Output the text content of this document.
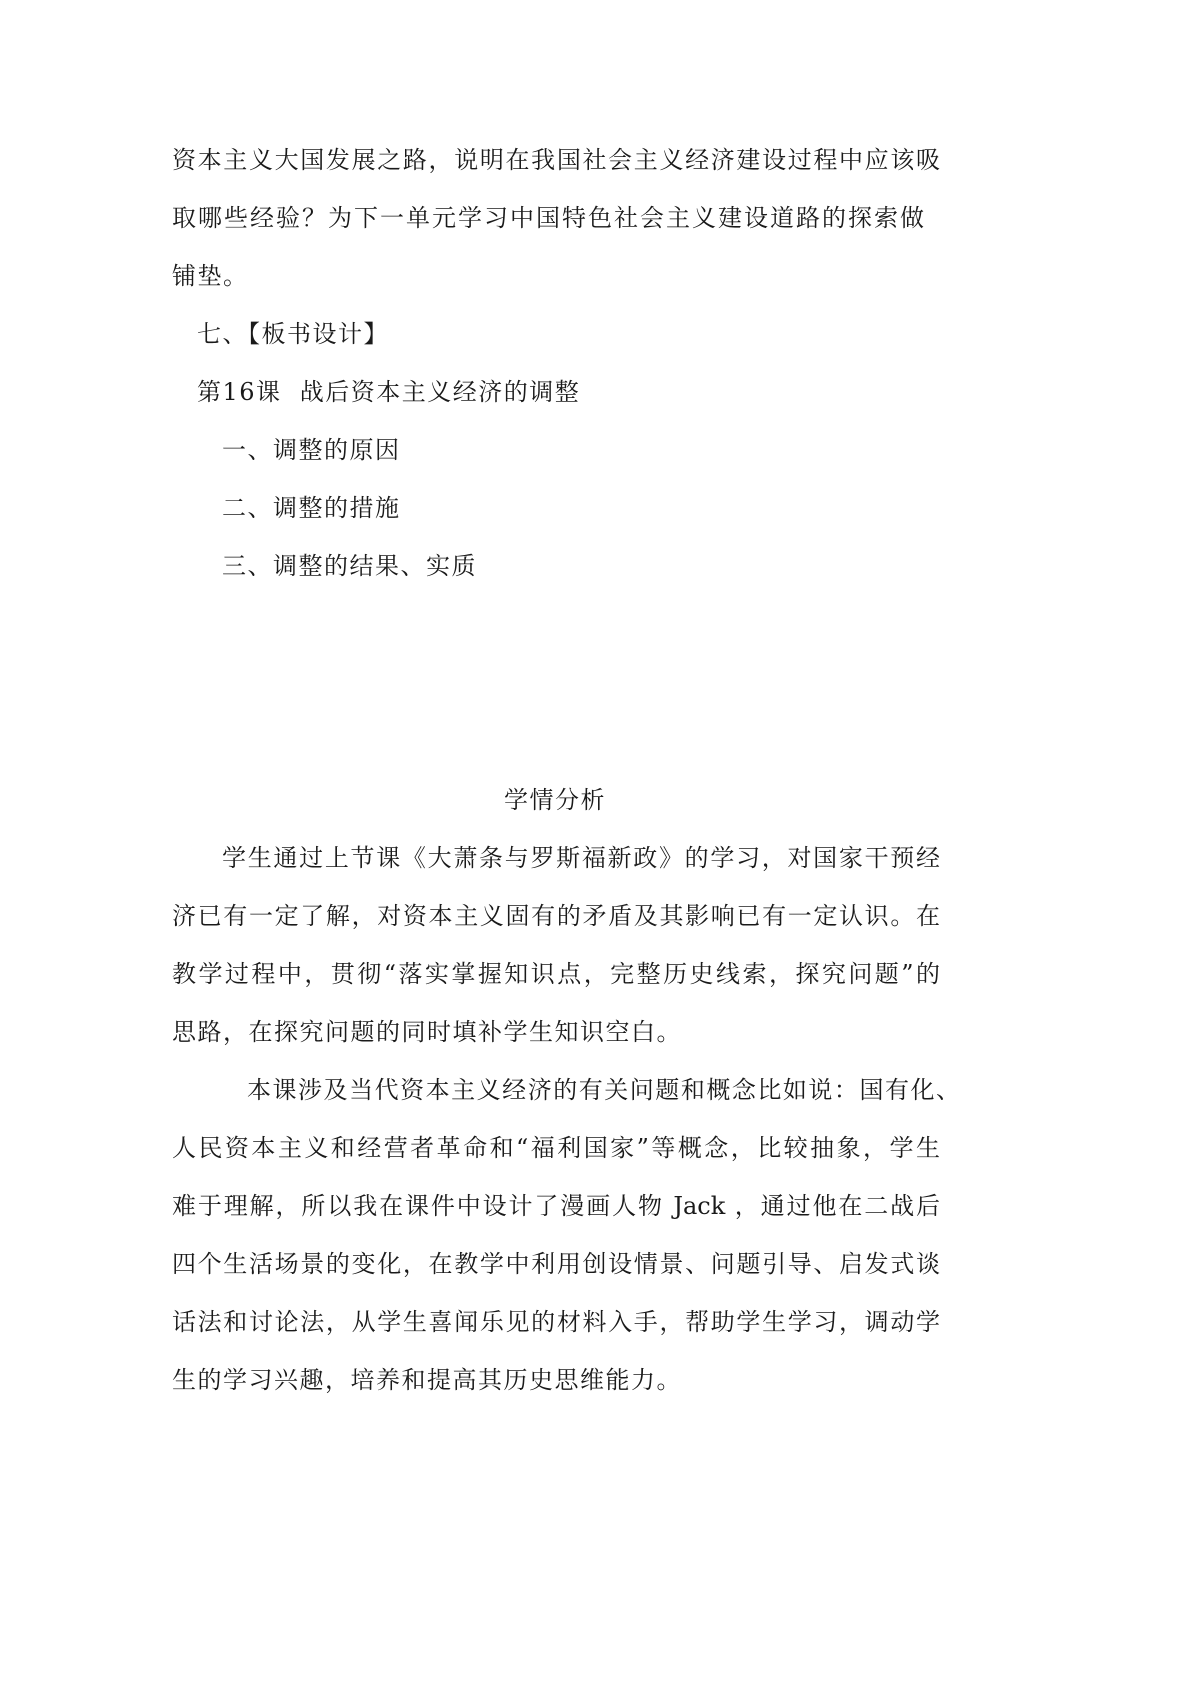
资本主义大国发展之路，说明在我国社会主义经济建设过程中应该吸
取哪些经验？为下一单元学习中国特色社会主义建设道路的探索做
铺垫。
七、【板书设计】
第16课  战后资本主义经济的调整
一、调整的原因
二、调整的措施
三、调整的结果、实质
学情分析
学生通过上节课《大萧条与罗斯福新政》的学习，对国家干预经
济已有一定了解，对资本主义固有的矛盾及其影响已有一定认识。在
教学过程中，贯彻“落实掌握知识点，完整历史线索，探究问题”的
思路，在探究问题的同时填补学生知识空白。
本课涉及当代资本主义经济的有关问题和概念比如说：国有化、
人民资本主义和经营者革命和“福利国家”等概念，比较抽象，学生
难于理解，所以我在课件中设计了漫画人物 Jack ，通过他在二战后
四个生活场景的变化，在教学中利用创设情景、问题引导、启发式谈
话法和讨论法，从学生喜闻乐见的材料入手，帮助学生学习，调动学
生的学习兴趣，培养和提高其历史思维能力。
